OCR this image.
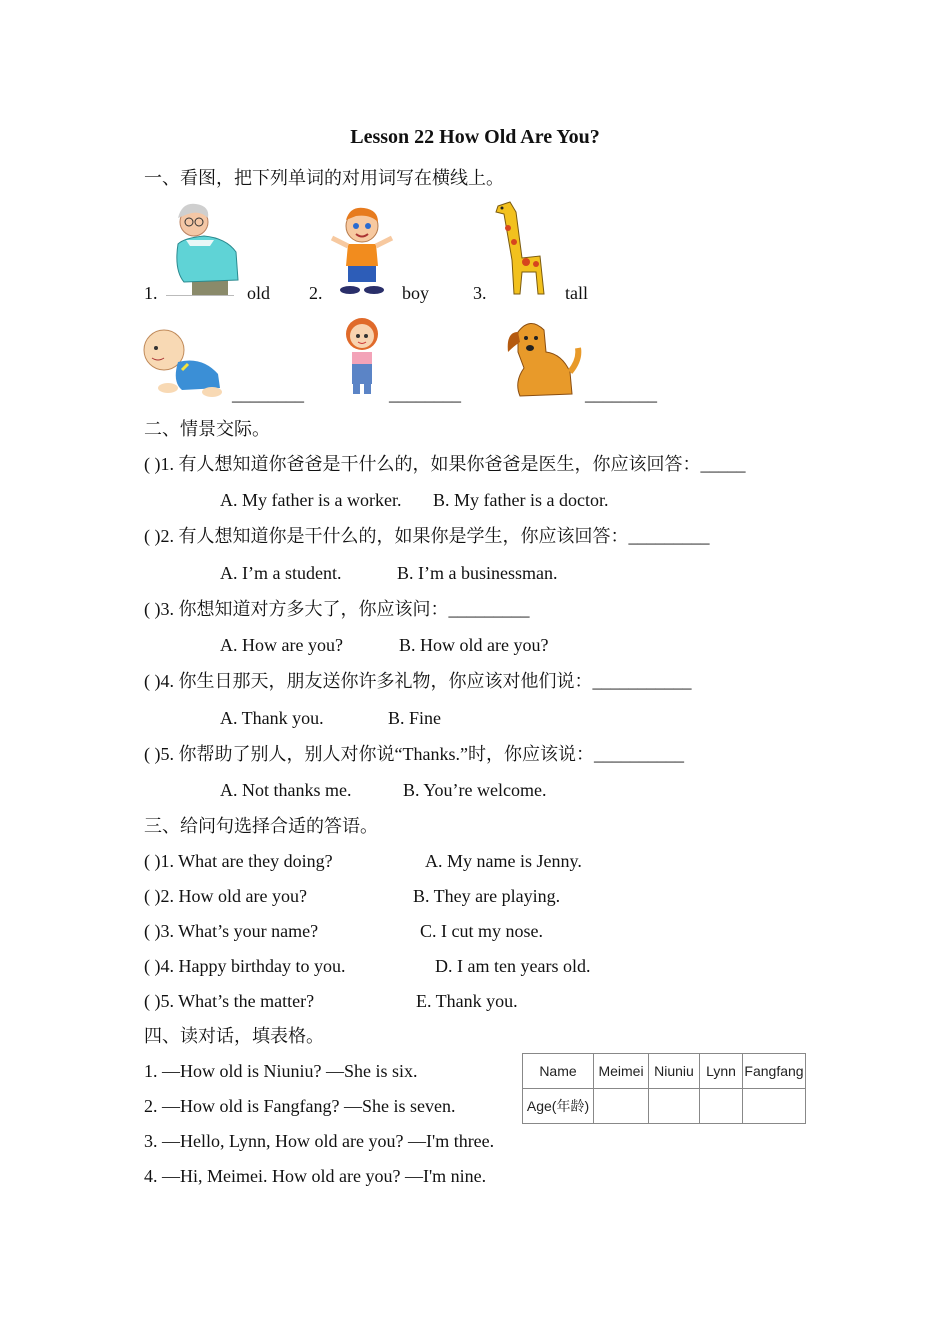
Lesson 22 How Old Are You?
一、看图，把下列单词的对用词写在横线上。
1.	old 2.	boy 3.	tall
________	________	________
二、情景交际。
( )1. 有人想知道你爸爸是干什么的，如果你爸爸是医生，你应该回答：_____
A. My father is a worker. B. My father is a doctor.
( )2. 有人想知道你是干什么的，如果你是学生，你应该回答：_________
A. I’m a student.	B. I’m a businessman.
( )3. 你想知道对方多大了，你应该问：_________
A. How are you?	B. How old are you?
( )4. 你生日那天，朋友送你许多礼物，你应该对他们说：___________
A. Thank you.	B. Fine
( )5. 你帮助了别人，别人对你说“Thanks.”时，你应该说：__________
A. Not thanks me.	B. You’re welcome.
三、给问句选择合适的答语。
( )1. What are they doing?	A. My name is Jenny.
( )2. How old are you?	B. They are playing.
( )3. What’s your name?	C. I cut my nose.
( )4. Happy birthday to you.	D. I am ten years old.
( )5. What’s the matter?	E. Thank you.
四、读对话，填表格。
1. —How old is Niuniu? —She is six.
2. —How old is Fangfang? —She is seven.
3. —Hello, Lynn, How old are you? —I'm three.
4. —Hi, Meimei. How old are you? —I'm nine.
Name	Meimei	Niuniu	Lynn	Fangfang
Age(年龄)				
